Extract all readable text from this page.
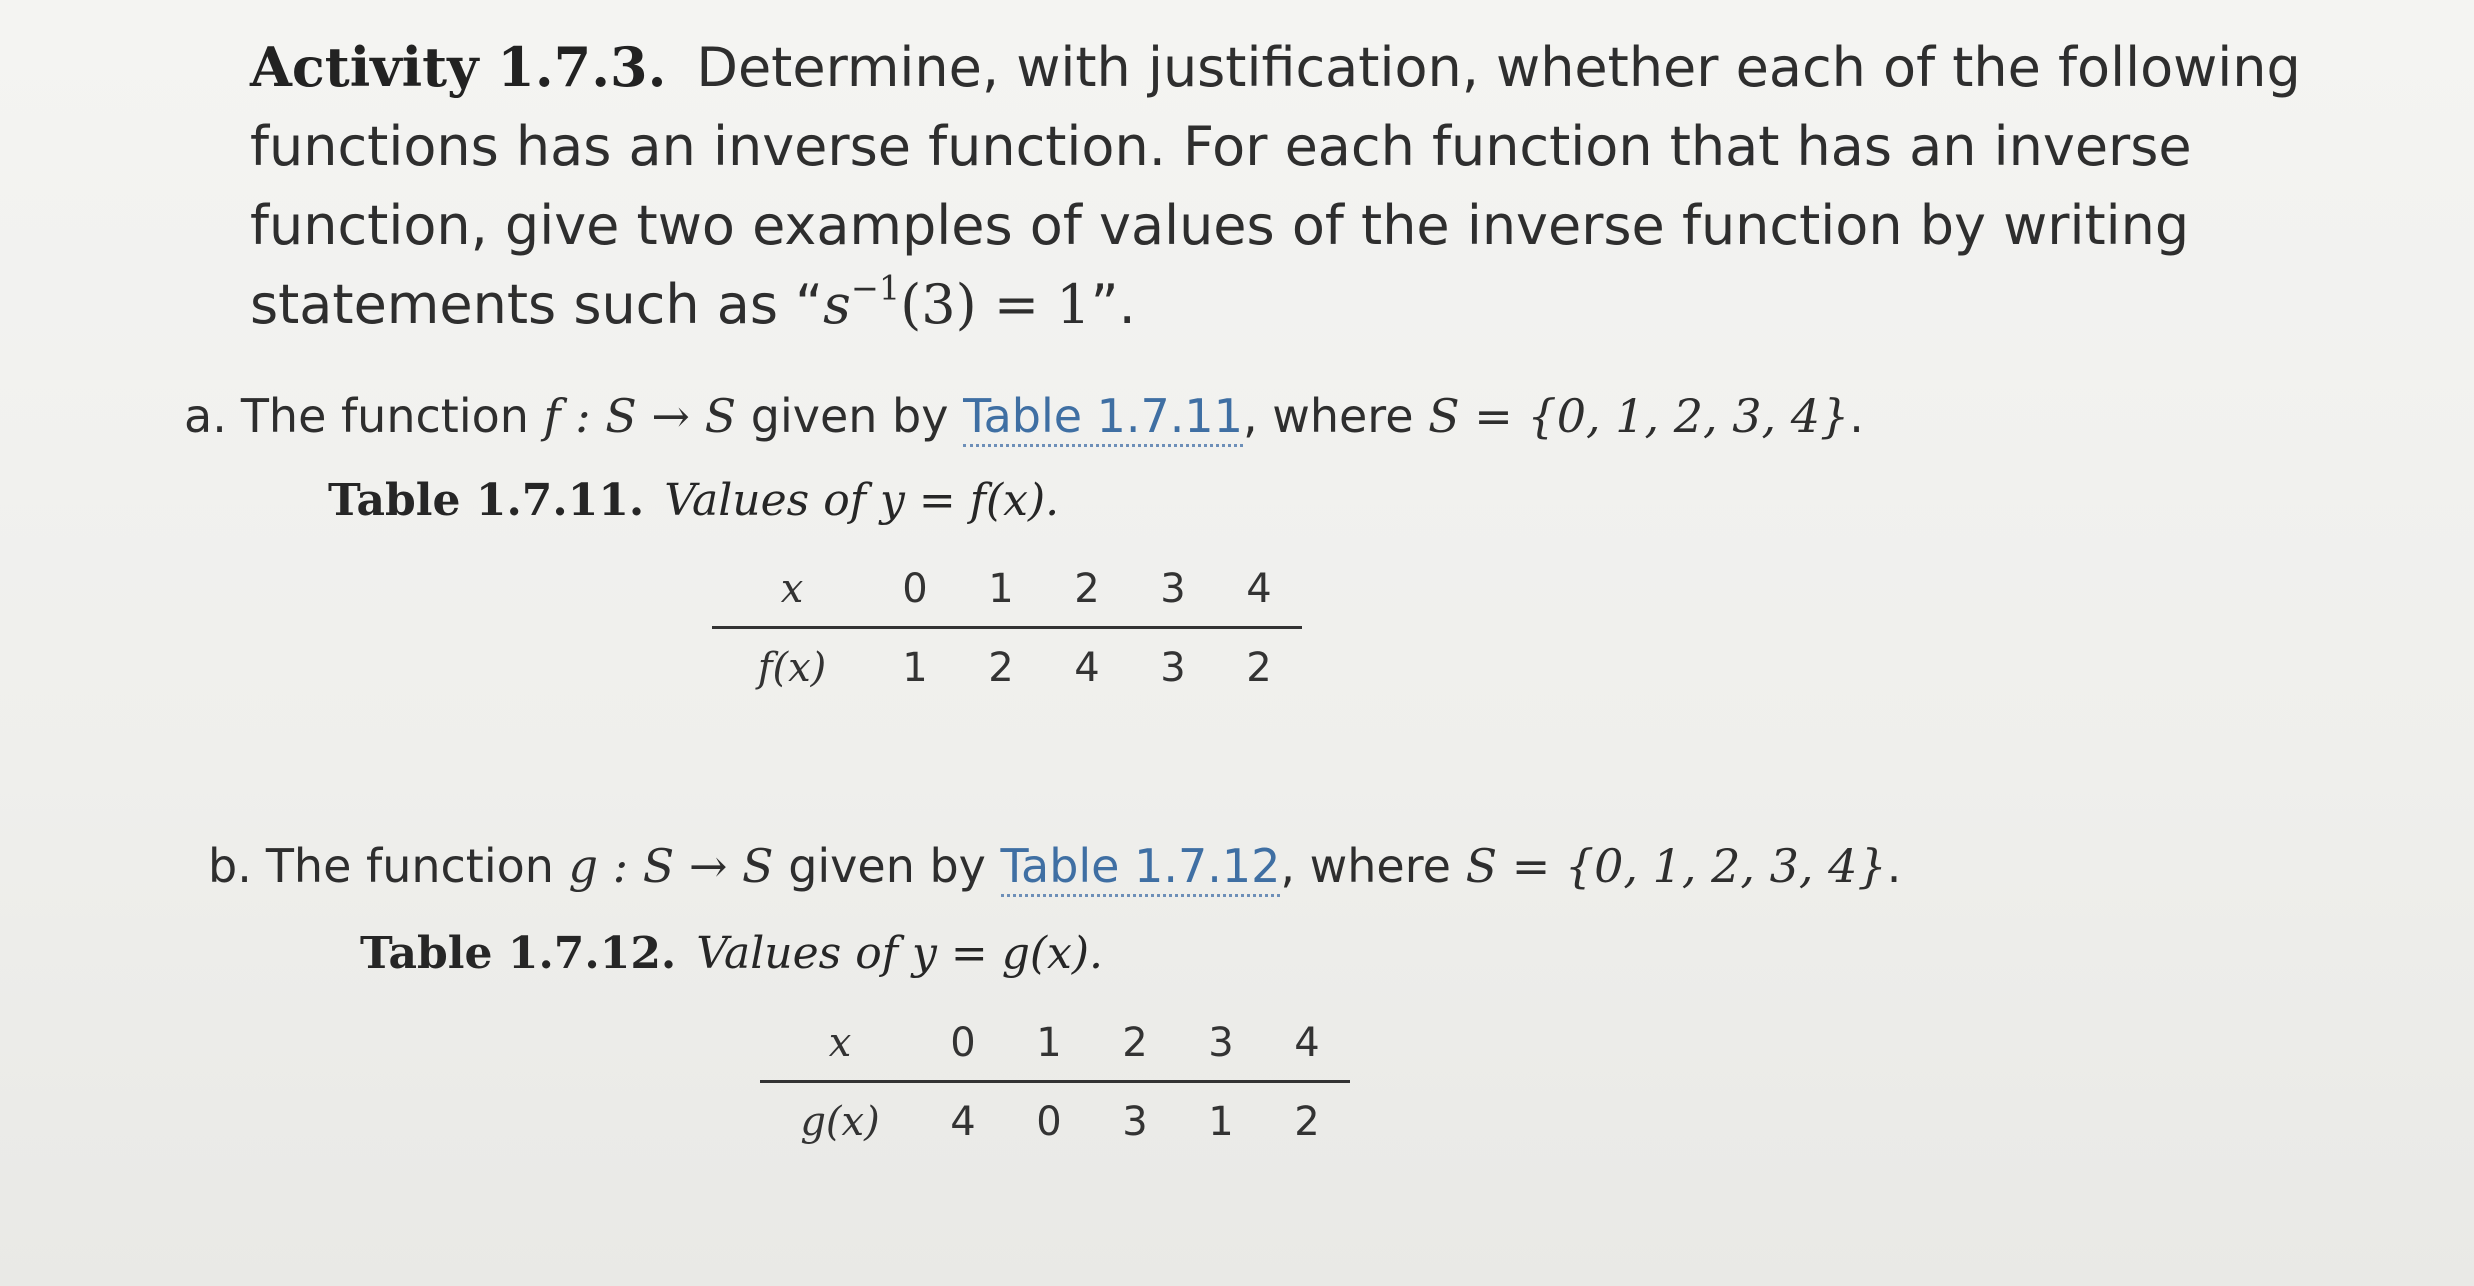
Activity 1.7.3. Determine, with justification, whether each of the following functions has an inverse function. For each function that has an inverse function, give two examples of values of the inverse function by writing statements such as “$s^{-1}(3) = 1$”.
a. The function f : S → S given by Table 1.7.11, where S = {0, 1, 2, 3, 4}.
Table 1.7.11. Values of y = f(x).
x	0	1	2	3	4
f(x)	1	2	4	3	2
b. The function g : S → S given by Table 1.7.12, where S = {0, 1, 2, 3, 4}.
Table 1.7.12. Values of y = g(x).
x	0	1	2	3	4
g(x)	4	0	3	1	2
